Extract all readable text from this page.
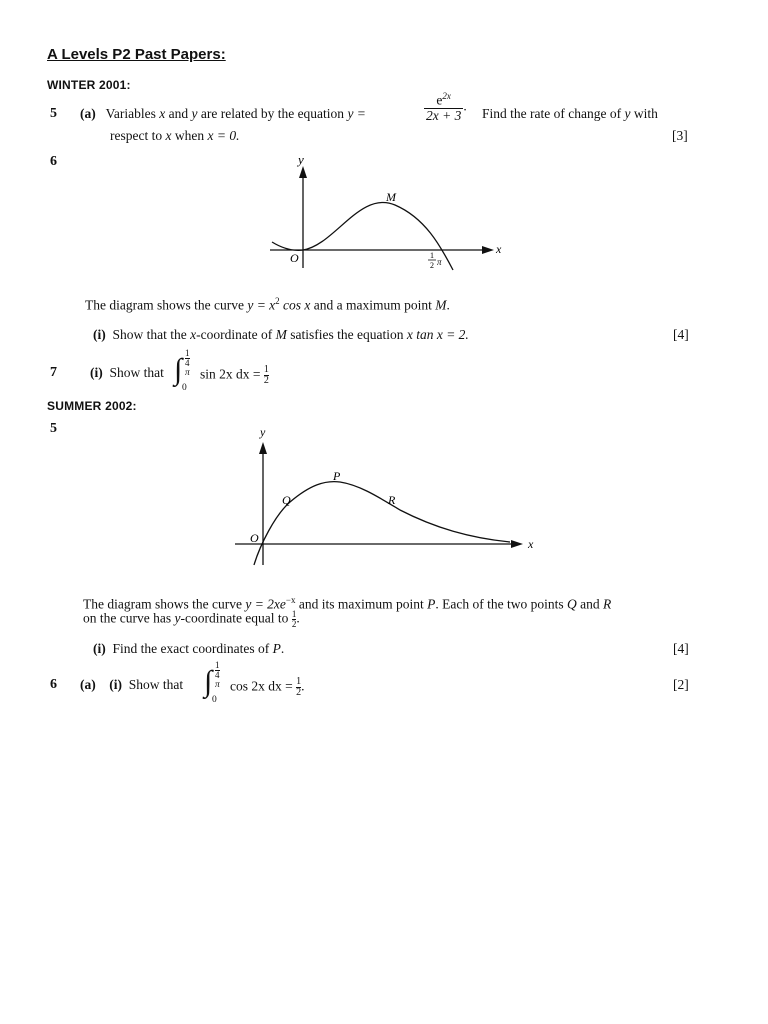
A Levels P2 Past Papers:
WINTER 2001:
5 (a) Variables x and y are related by the equation y =	$\frac{e^{2x}}{2x + 3}$ . Find the rate of change of y with
respect to x when x = 0.	[3]
6	y
x
O
M
1
2 π
The diagram shows the curve $y = x^2$ cos x and a maximum point M.
(i) Show that the x-coordinate of M satisfies the equation x tan x = 2.	[4]
7 (i) Show that ∫ $\frac{1}{4}\pi$
0
sin 2x dx = $\frac{1}{2}$
SUMMER 2002:
5	y
x
O
Q
P
R
The diagram shows the curve $y = 2xe^{-x}$ and its maximum point P. Each of the two points Q and R
on the curve has y-coordinate equal to $\frac{1}{2}$.
(i) Find the exact coordinates of P.	[4]
6 (a) (i) Show that ∫ $\frac{1}{4}\pi$
0
cos 2x dx = $\frac{1}{2}$.	[2]
